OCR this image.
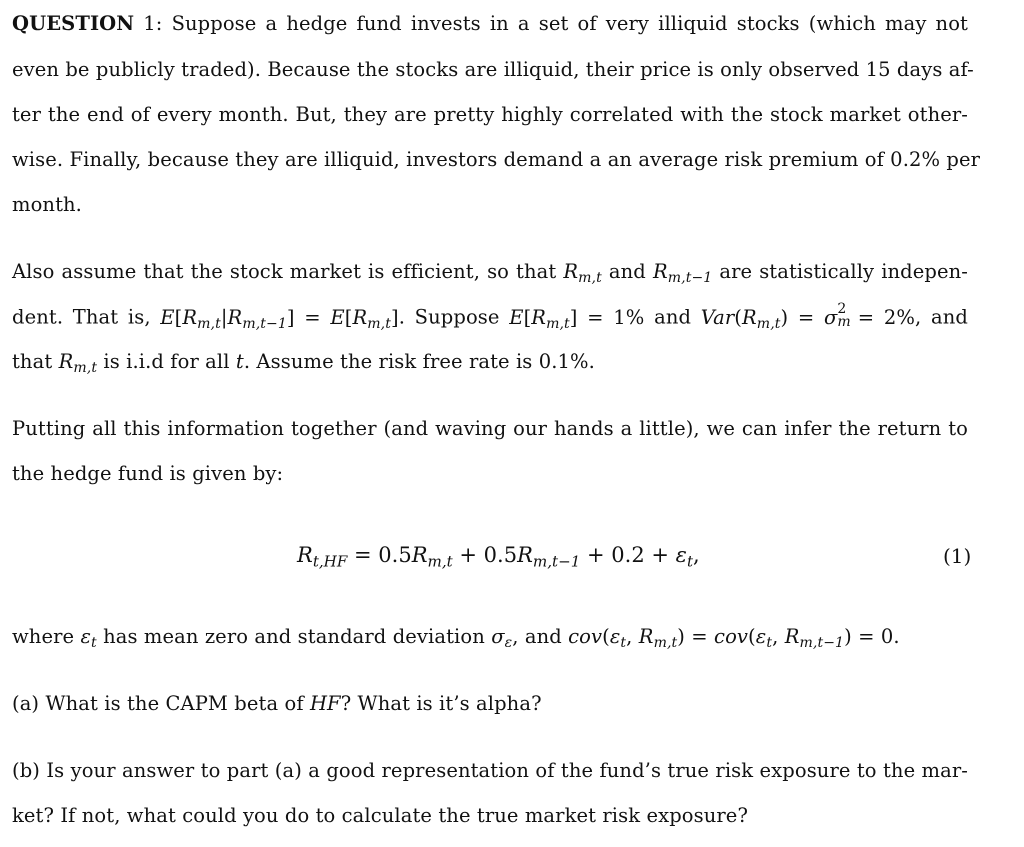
QUESTION 1: Suppose a hedge fund invests in a set of very illiquid stocks (which may not
even be publicly traded). Because the stocks are illiquid, their price is only observed 15 days af-
ter the end of every month. But, they are pretty highly correlated with the stock market other-
wise. Finally, because they are illiquid, investors demand a an average risk premium of 0.2% per
month.
Also assume that the stock market is efficient, so that $R_{m,t}$ and $R_{m,t-1}$ are statistically indepen-
dent. That is, $E[R_{m,t}|R_{m,t-1}] = E[R_{m,t}]$. Suppose $E[R_{m,t}] = 1\%$ and $Var(R_{m,t}) = \sigma$ 2
m
= 2%, and
that $R_{m,t}$ is i.i.d for all t. Assume the risk free rate is 0.1%.
Putting all this information together (and waving our hands a little), we can infer the return to
the hedge fund is given by:
$R_{t,HF} = 0.5R_{m,t} + 0.5R_{m,t-1} + 0.2 + \varepsilon_t$,	(1)
where $\varepsilon_t$ has mean zero and standard deviation $\sigma_\varepsilon$, and $cov(\varepsilon_t$, $R_{m,t}) = cov(\varepsilon_t$, $R_{m,t-1}) = 0$.
(a) What is the CAPM beta of HF? What is it’s alpha?
(b) Is your answer to part (a) a good representation of the fund’s true risk exposure to the mar-
ket? If not, what could you do to calculate the true market risk exposure?
